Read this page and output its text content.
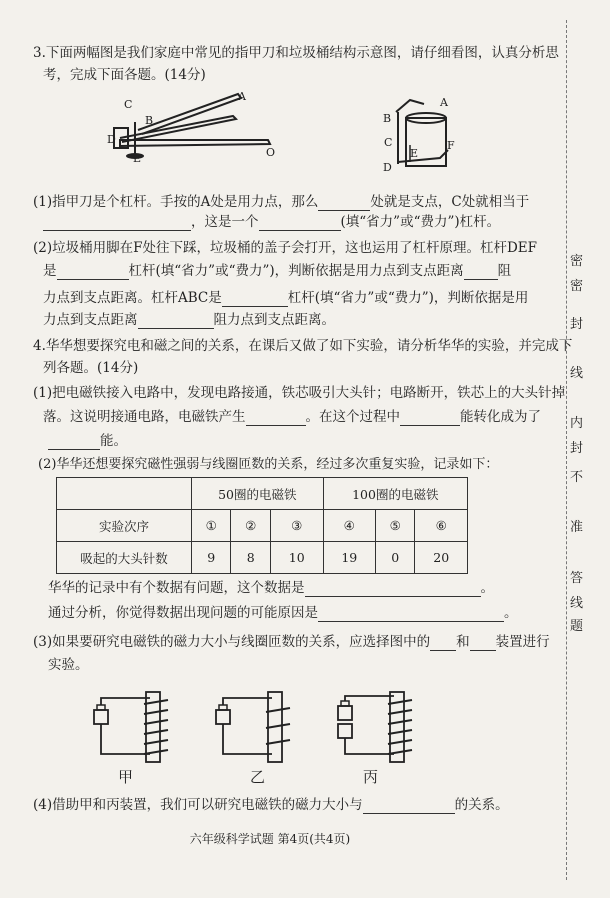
3.下面两幅图是我们家庭中常见的指甲刀和垃圾桶结构示意图，请仔细看图，认真分析思
考，完成下面各题。(14分)
C
B
A
D
E	O
A
B
C
D
E
F
(1)指甲刀是个杠杆。手按的A处是用力点，那么	处就是支点，C处就相当于
，这是一个	(填“省力”或“费力”)杠杆。
(2)垃圾桶用脚在F处往下踩，垃圾桶的盖子会打开，这也运用了杠杆原理。杠杆DEF
是	杠杆(填“省力”或“费力”)，判断依据是用力点到支点距离	阻
力点到支点距离。杠杆ABC是	杠杆(填“省力”或“费力”)，判断依据是用
力点到支点距离	阻力点到支点距离。
4.华华想要探究电和磁之间的关系，在课后又做了如下实验，请分析华华的实验，并完成下
列各题。(14分)
(1)把电磁铁接入电路中，发现电路接通，铁芯吸引大头针；电路断开，铁芯上的大头针掉
落。这说明接通电路，电磁铁产生	。在这个过程中	能转化成为了
能。
(2)华华还想要探究磁性强弱与线圈匝数的关系，经过多次重复实验，记录如下：
	50圈的电磁铁			100圈的电磁铁		
实验次序	①	②	③	④	⑤	⑥
吸起的大头针数	9	8	10	19	0	20
华华的记录中有个数据有问题，这个数据是	。
通过分析，你觉得数据出现问题的可能原因是	。
(3)如果要研究电磁铁的磁力大小与线圈匝数的关系，应选择图中的 和 装置进行
实验。
甲	乙	丙
(4)借助甲和丙装置，我们可以研究电磁铁的磁力大小与	的关系。
六年级科学试题 第4页(共4页)
密
密
封
线
内
封
不
准
答
线
题
